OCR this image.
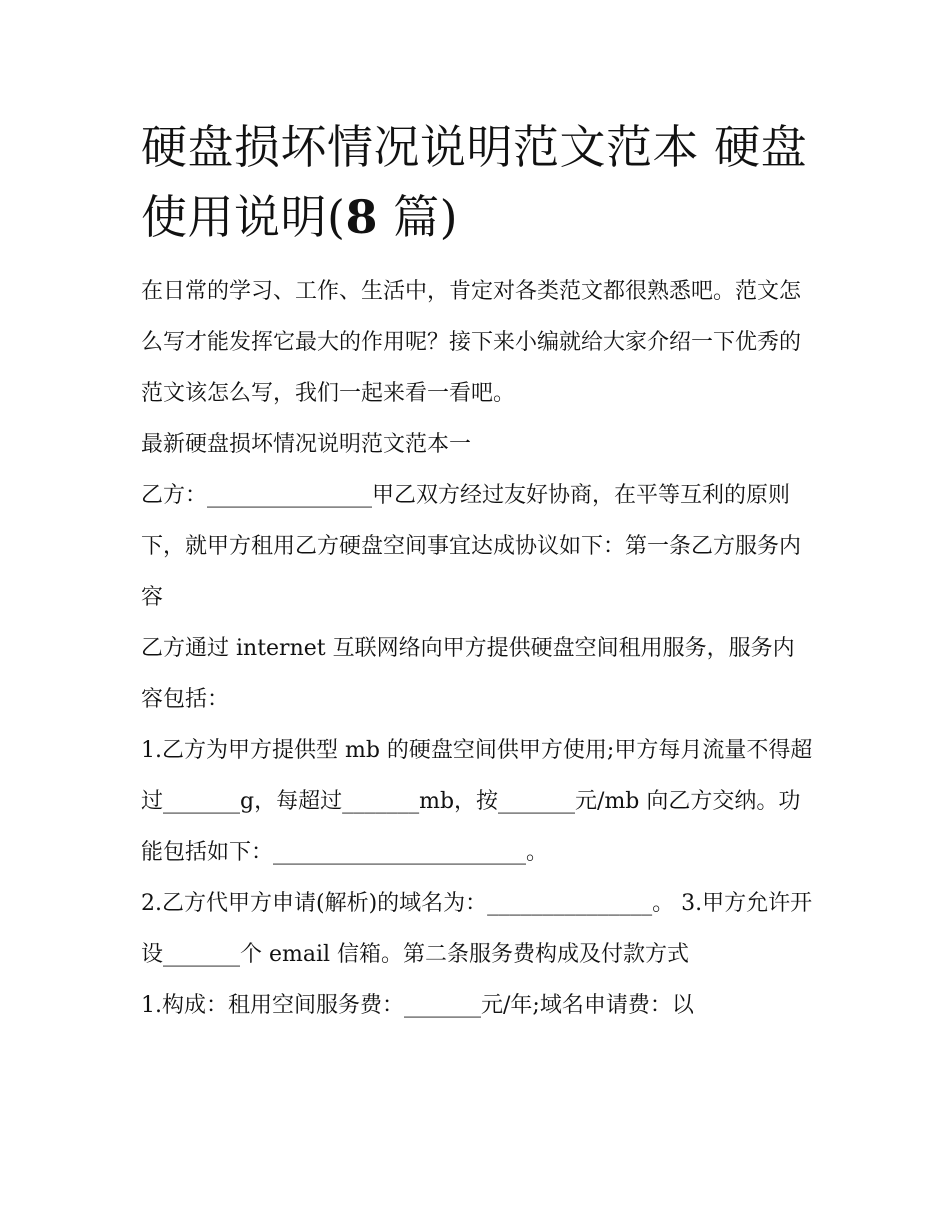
硬盘损坏情况说明范文范本 硬盘使用说明(8 篇)

在日常的学习、工作、生活中，肯定对各类范文都很熟悉吧。范文怎么写才能发挥它最大的作用呢？接下来小编就给大家介绍一下优秀的范文该怎么写，我们一起来看一看吧。

最新硬盘损坏情况说明范文范本一

乙方：_______________甲乙双方经过友好协商，在平等互利的原则下，就甲方租用乙方硬盘空间事宜达成协议如下：第一条乙方服务内容

乙方通过 internet 互联网络向甲方提供硬盘空间租用服务，服务内容包括：

1.乙方为甲方提供型 mb 的硬盘空间供甲方使用;甲方每月流量不得超过_______g，每超过_______mb，按_______元/mb 向乙方交纳。功能包括如下：_______________________。

2.乙方代甲方申请(解析)的域名为：_______________。 3.甲方允许开设_______个 email 信箱。第二条服务费构成及付款方式

1.构成：租用空间服务费：_______元/年;域名申请费：以
